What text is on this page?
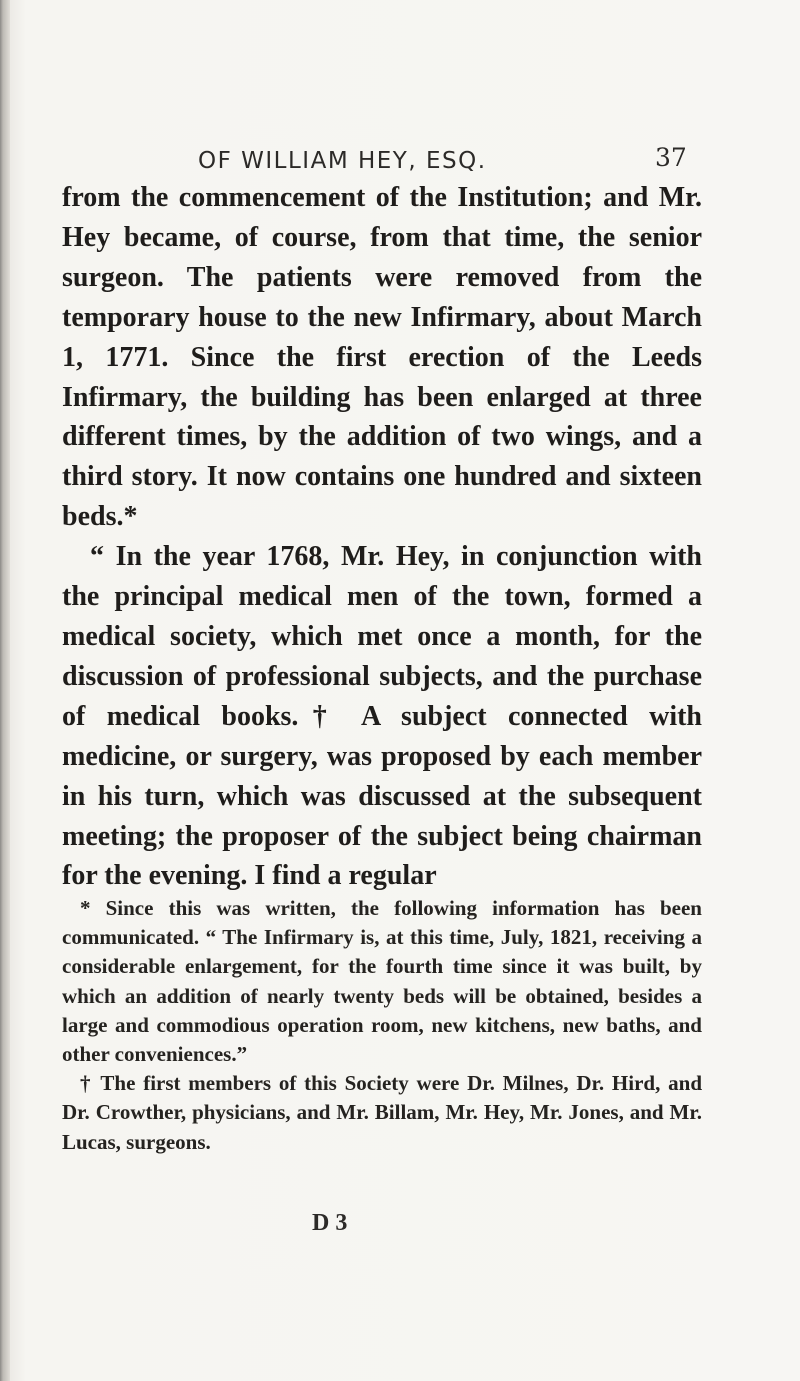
OF WILLIAM HEY, ESQ.	37

from the commencement of the Institution; and Mr. Hey became, of course, from that time, the senior surgeon. The patients were removed from the temporary house to the new Infirmary, about March 1, 1771. Since the first erection of the Leeds Infirmary, the building has been enlarged at three different times, by the addition of two wings, and a third story. It now contains one hundred and sixteen beds.*

“ In the year 1768, Mr. Hey, in conjunction with the principal medical men of the town, formed a medical society, which met once a month, for the discussion of professional subjects, and the purchase of medical books.† A subject connected with medicine, or surgery, was proposed by each member in his turn, which was discussed at the subsequent meeting; the proposer of the subject being chairman for the evening. I find a regular

* Since this was written, the following information has been communicated. “ The Infirmary is, at this time, July, 1821, receiving a considerable enlargement, for the fourth time since it was built, by which an addition of nearly twenty beds will be obtained, besides a large and commodious operation room, new kitchens, new baths, and other conveniences.”

† The first members of this Society were Dr. Milnes, Dr. Hird, and Dr. Crowther, physicians, and Mr. Billam, Mr. Hey, Mr. Jones, and Mr. Lucas, surgeons.

D 3
